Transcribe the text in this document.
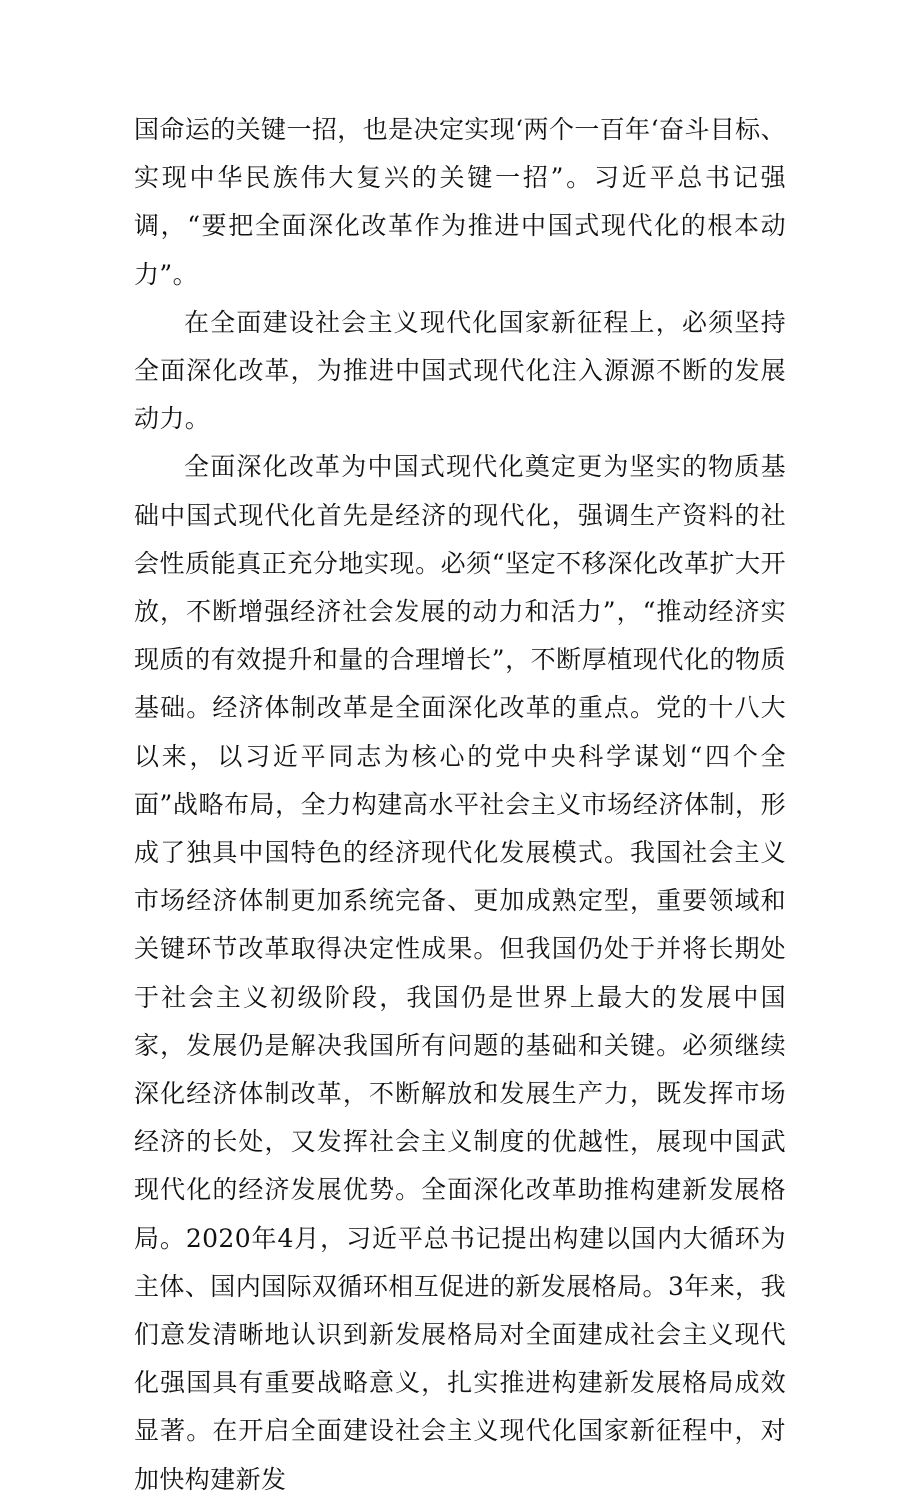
国命运的关键一招，也是决定实现‘两个一百年‘奋斗目标、实现中华民族伟大复兴的关键一招”。习近平总书记强调，“要把全面深化改革作为推进中国式现代化的根本动力”。

在全面建设社会主义现代化国家新征程上，必须坚持全面深化改革，为推进中国式现代化注入源源不断的发展动力。

全面深化改革为中国式现代化奠定更为坚实的物质基础中国式现代化首先是经济的现代化，强调生产资料的社会性质能真正充分地实现。必须“坚定不移深化改革扩大开放，不断增强经济社会发展的动力和活力”，“推动经济实现质的有效提升和量的合理增长”，不断厚植现代化的物质基础。经济体制改革是全面深化改革的重点。党的十八大以来，以习近平同志为核心的党中央科学谋划“四个全面”战略布局，全力构建高水平社会主义市场经济体制，形成了独具中国特色的经济现代化发展模式。我国社会主义市场经济体制更加系统完备、更加成熟定型，重要领域和关键环节改革取得决定性成果。但我国仍处于并将长期处于社会主义初级阶段，我国仍是世界上最大的发展中国家，发展仍是解决我国所有问题的基础和关键。必须继续深化经济体制改革，不断解放和发展生产力，既发挥市场经济的长处，又发挥社会主义制度的优越性，展现中国武现代化的经济发展优势。全面深化改革助推构建新发展格局。2020年4月，习近平总书记提出构建以国内大循环为主体、国内国际双循环相互促进的新发展格局。3年来，我们意发清晰地认识到新发展格局对全面建成社会主义现代化强国具有重要战略意义，扎实推进构建新发展格局成效显著。在开启全面建设社会主义现代化国家新征程中，对加快构建新发
